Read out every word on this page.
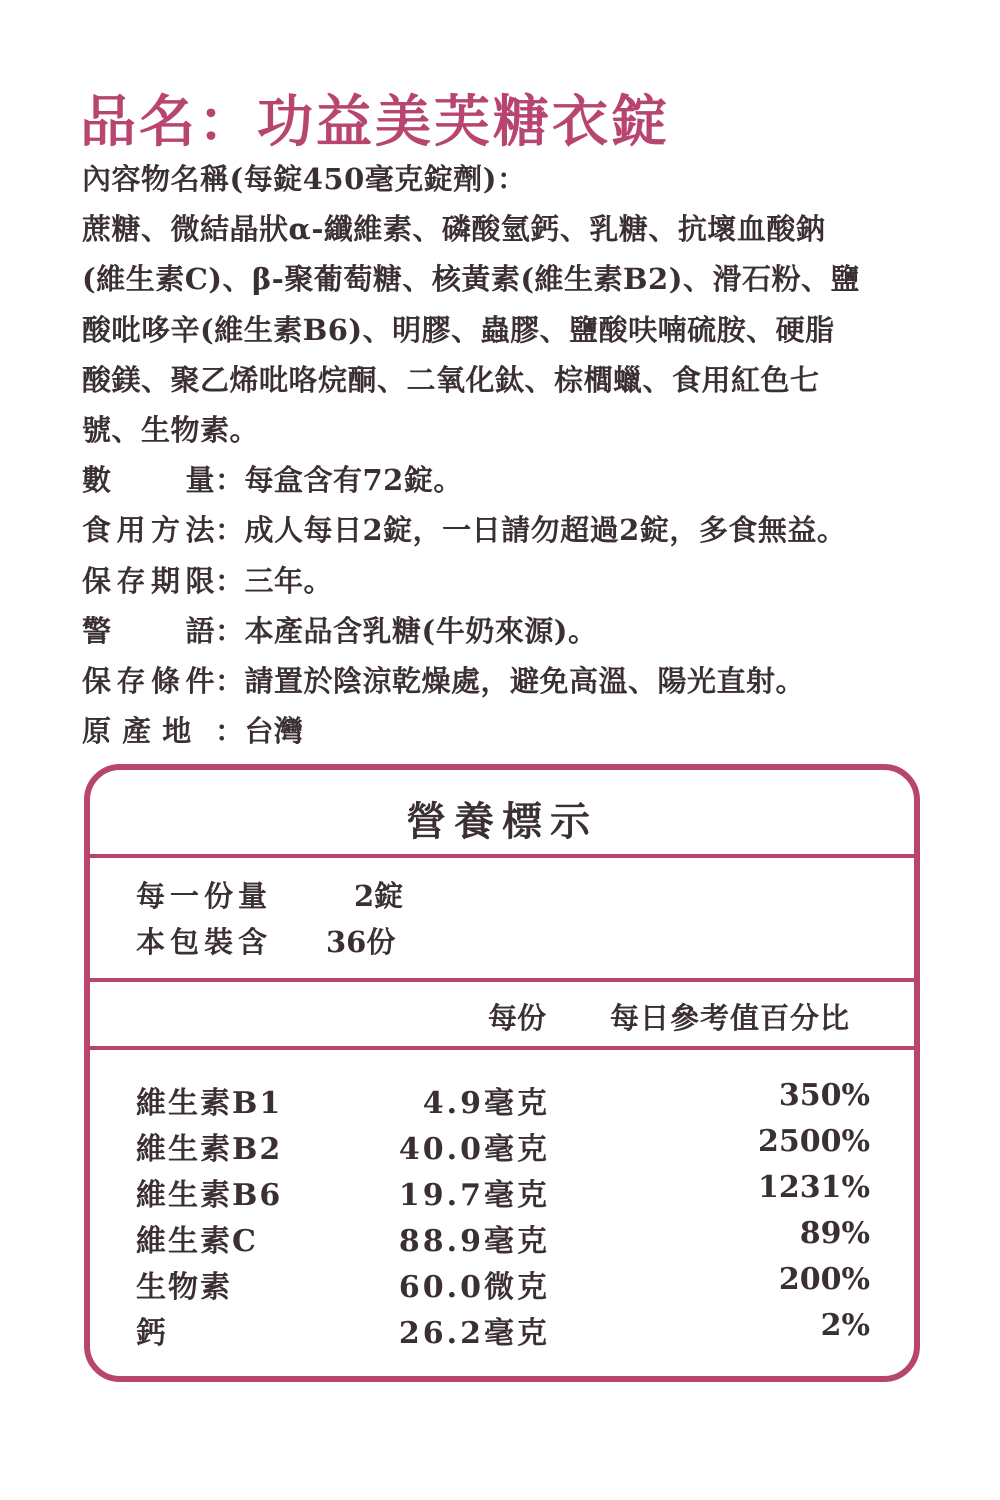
品名：功益美芙糖衣錠
內容物名稱(每錠450毫克錠劑)：
蔗糖、微結晶狀α-纖維素、磷酸氫鈣、乳糖、抗壞血酸鈉
(維生素C)、β-聚葡萄糖、核黃素(維生素B2)、滑石粉、鹽
酸吡哆辛(維生素B6)、明膠、蟲膠、鹽酸呋喃硫胺、硬脂
酸鎂、聚乙烯吡咯烷酮、二氧化鈦、棕櫚蠟、食用紅色七
號、生物素。
數量：每盒含有72錠。
食用方法：成人每日2錠，一日請勿超過2錠，多食無益。
保存期限：三年。
警語：本產品含乳糖(牛奶來源)。
保存條件：請置於陰涼乾燥處，避免高溫、陽光直射。
原 產 地 ：台灣
營養標示
每一份量	2錠
本包裝含 36份
每份 每日參考值百分比
維生素B1	4.9毫克	350%
維生素B2	40.0毫克	2500%
維生素B6	19.7毫克	1231%
維生素C	88.9毫克	89%
生物素	60.0微克	200%
鈣	26.2毫克	2%
